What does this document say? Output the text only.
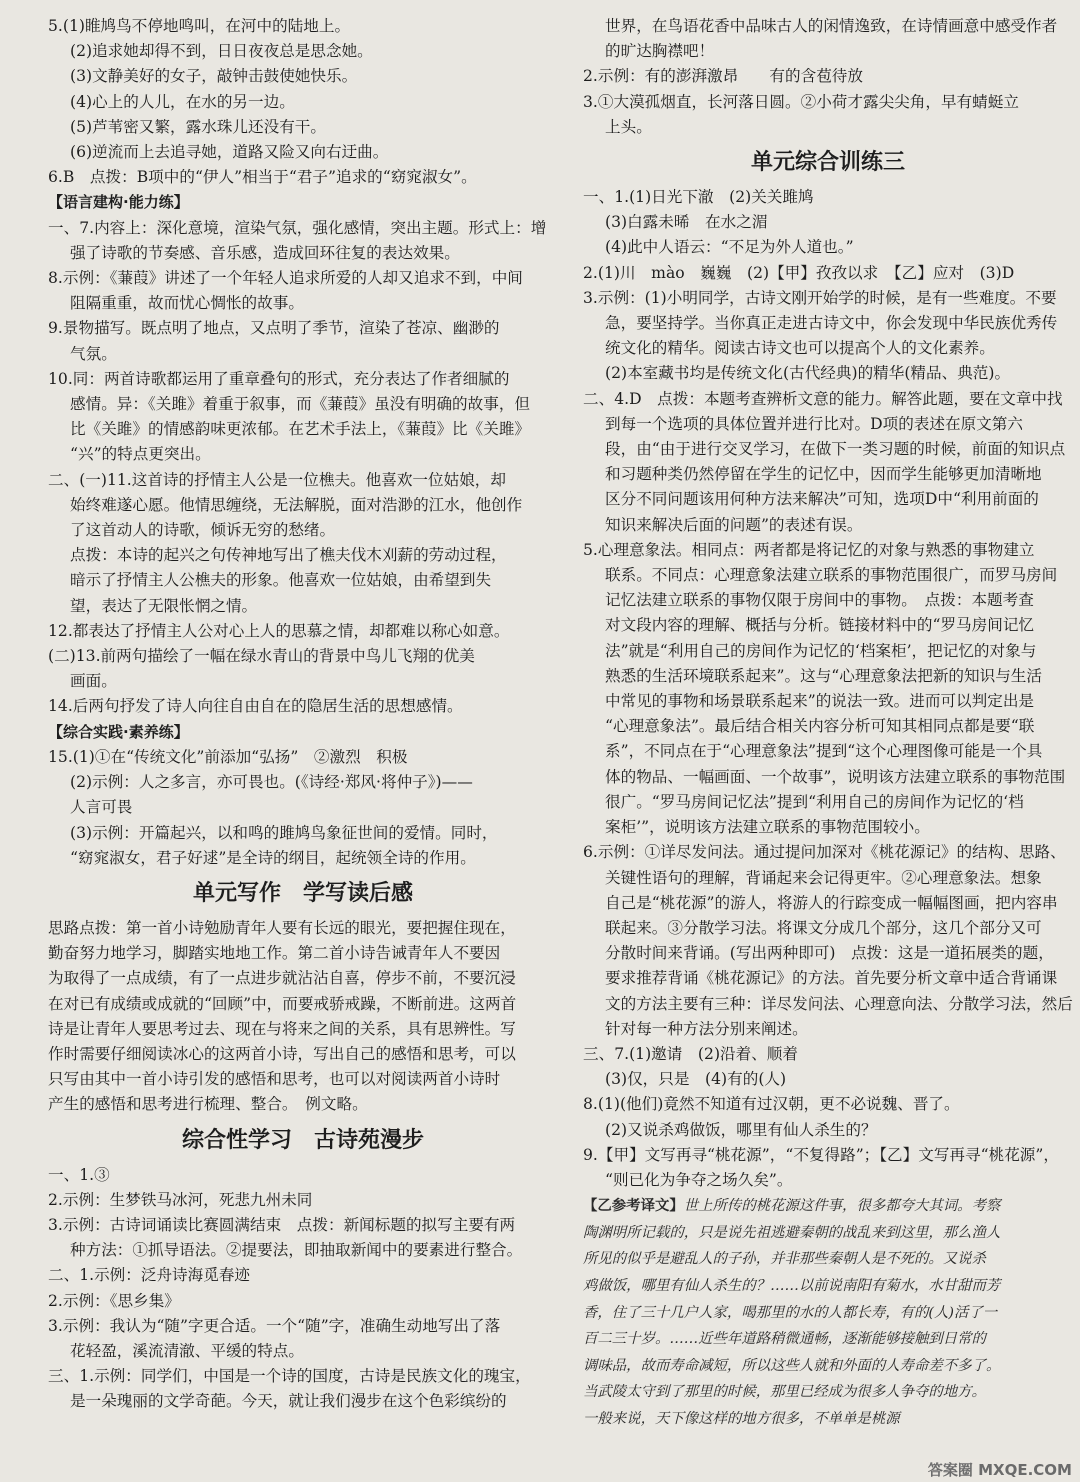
5.(1)睢鸠鸟不停地鸣叫，在河中的陆地上。
(2)追求她却得不到，日日夜夜总是思念她。
(3)文静美好的女子，敲钟击鼓使她快乐。
(4)心上的人儿，在水的另一边。
(5)芦苇密又繁，露水珠儿还没有干。
(6)逆流而上去追寻她，道路又险又向右迂曲。
6.B　点拨：B项中的“伊人”相当于“君子”追求的“窈窕淑女”。
【语言建构·能力练】
一、7.内容上：深化意境，渲染气氛，强化感情，突出主题。形式上：增
强了诗歌的节奏感、音乐感，造成回环往复的表达效果。
8.示例：《蒹葭》讲述了一个年轻人追求所爱的人却又追求不到，中间
阻隔重重，故而忧心惆怅的故事。
9.景物描写。既点明了地点，又点明了季节，渲染了苍凉、幽渺的
气氛。
10.同：两首诗歌都运用了重章叠句的形式，充分表达了作者细腻的
感情。异：《关雎》着重于叙事，而《蒹葭》虽没有明确的故事，但
比《关雎》的情感韵味更浓郁。在艺术手法上，《蒹葭》比《关雎》
“兴”的特点更突出。
二、(一)11.这首诗的抒情主人公是一位樵夫。他喜欢一位姑娘，却
始终难遂心愿。他情思缠绕，无法解脱，面对浩渺的江水，他创作
了这首动人的诗歌，倾诉无穷的愁绪。
点拨：本诗的起兴之句传神地写出了樵夫伐木刈薪的劳动过程，
暗示了抒情主人公樵夫的形象。他喜欢一位姑娘，由希望到失
望，表达了无限怅惘之情。
12.都表达了抒情主人公对心上人的思慕之情，却都难以称心如意。
(二)13.前两句描绘了一幅在绿水青山的背景中鸟儿飞翔的优美
画面。
14.后两句抒发了诗人向往自由自在的隐居生活的思想感情。
【综合实践·素养练】
15.(1)①在“传统文化”前添加“弘扬”　②激烈　积极
(2)示例：人之多言，亦可畏也。(《诗经·郑风·将仲子》)——
人言可畏
(3)示例：开篇起兴，以和鸣的雎鸠鸟象征世间的爱情。同时，
“窈窕淑女，君子好逑”是全诗的纲目，起统领全诗的作用。
单元写作　学写读后感
思路点拨：第一首小诗勉励青年人要有长远的眼光，要把握住现在，
勤奋努力地学习，脚踏实地地工作。第二首小诗告诫青年人不要因
为取得了一点成绩，有了一点进步就沾沾自喜，停步不前，不要沉浸
在对已有成绩或成就的“回顾”中，而要戒骄戒躁，不断前进。这两首
诗是让青年人要思考过去、现在与将来之间的关系，具有思辨性。写
作时需要仔细阅读冰心的这两首小诗，写出自己的感悟和思考，可以
只写由其中一首小诗引发的感悟和思考，也可以对阅读两首小诗时
产生的感悟和思考进行梳理、整合。　例文略。
综合性学习　古诗苑漫步
一、1.③
2.示例：生梦铁马冰河，死悲九州未同
3.示例：古诗词诵读比赛圆满结束　点拨：新闻标题的拟写主要有两
种方法：①抓导语法。②提要法，即抽取新闻中的要素进行整合。
二、1.示例：泛舟诗海觅春迹
2.示例：《思乡集》
3.示例：我认为“随”字更合适。一个“随”字，准确生动地写出了落
花轻盈，溪流清澈、平缓的特点。
三、1.示例：同学们，中国是一个诗的国度，古诗是民族文化的瑰宝，
是一朵瑰丽的文学奇葩。今天，就让我们漫步在这个色彩缤纷的
世界，在鸟语花香中品味古人的闲情逸致，在诗情画意中感受作者
的旷达胸襟吧！
2.示例：有的澎湃激昂　　有的含苞待放
3.①大漠孤烟直，长河落日圆。②小荷才露尖尖角，早有蜻蜓立
上头。
单元综合训练三
一、1.(1)日光下澈　(2)关关雎鸠
(3)白露未晞　在水之湄
(4)此中人语云：“不足为外人道也。”
2.(1)川　mào　巍巍　(2)【甲】孜孜以求　【乙】应对　(3)D
3.示例：(1)小明同学，古诗文刚开始学的时候，是有一些难度。不要
急，要坚持学。当你真正走进古诗文中，你会发现中华民族优秀传
统文化的精华。阅读古诗文也可以提高个人的文化素养。
(2)本室藏书均是传统文化(古代经典)的精华(精品、典范)。
二、4.D　点拨：本题考查辨析文意的能力。解答此题，要在文章中找
到每一个选项的具体位置并进行比对。D项的表述在原文第六
段，由“由于进行交叉学习，在做下一类习题的时候，前面的知识点
和习题种类仍然停留在学生的记忆中，因而学生能够更加清晰地
区分不同问题该用何种方法来解决”可知，选项D中“利用前面的
知识来解决后面的问题”的表述有误。
5.心理意象法。相同点：两者都是将记忆的对象与熟悉的事物建立
联系。不同点：心理意象法建立联系的事物范围很广，而罗马房间
记忆法建立联系的事物仅限于房间中的事物。　点拨：本题考查
对文段内容的理解、概括与分析。链接材料中的“罗马房间记忆
法”就是“利用自己的房间作为记忆的‘档案柜’，把记忆的对象与
熟悉的生活环境联系起来”。这与“心理意象法把新的知识与生活
中常见的事物和场景联系起来”的说法一致。进而可以判定出是
“心理意象法”。最后结合相关内容分析可知其相同点都是要“联
系”，不同点在于“心理意象法”提到“这个心理图像可能是一个具
体的物品、一幅画面、一个故事”，说明该方法建立联系的事物范围
很广。“罗马房间记忆法”提到“利用自己的房间作为记忆的‘档
案柜’”，说明该方法建立联系的事物范围较小。
6.示例：①详尽发问法。通过提问加深对《桃花源记》的结构、思路、
关键性语句的理解，背诵起来会记得更牢。②心理意象法。想象
自己是“桃花源”的游人，将游人的行踪变成一幅幅图画，把内容串
联起来。③分散学习法。将课文分成几个部分，这几个部分又可
分散时间来背诵。(写出两种即可)　点拨：这是一道拓展类的题，
要求推荐背诵《桃花源记》的方法。首先要分析文章中适合背诵课
文的方法主要有三种：详尽发问法、心理意向法、分散学习法，然后
针对每一种方法分别来阐述。
三、7.(1)邀请　(2)沿着、顺着
(3)仅，只是　(4)有的(人)
8.(1)(他们)竟然不知道有过汉朝，更不必说魏、晋了。
(2)又说杀鸡做饭，哪里有仙人杀生的？
9.【甲】文写再寻“桃花源”，“不复得路”；【乙】文写再寻“桃花源”，
“则已化为争夺之场久矣”。
【乙参考译文】世上所传的桃花源这件事，很多都夸大其词。考察
陶渊明所记载的，只是说先祖逃避秦朝的战乱来到这里，那么渔人
所见的似乎是避乱人的子孙，并非那些秦朝人是不死的。又说杀
鸡做饭，哪里有仙人杀生的？……以前说南阳有菊水，水甘甜而芳
香，住了三十几户人家，喝那里的水的人都长寿，有的(人)活了一
百二三十岁。……近些年道路稍微通畅，逐渐能够接触到日常的
调味品，故而寿命减短，所以这些人就和外面的人寿命差不多了。
当武陵太守到了那里的时候，那里已经成为很多人争夺的地方。
一般来说，天下像这样的地方很多，不单单是桃源
答案圈 MXQE.COM
